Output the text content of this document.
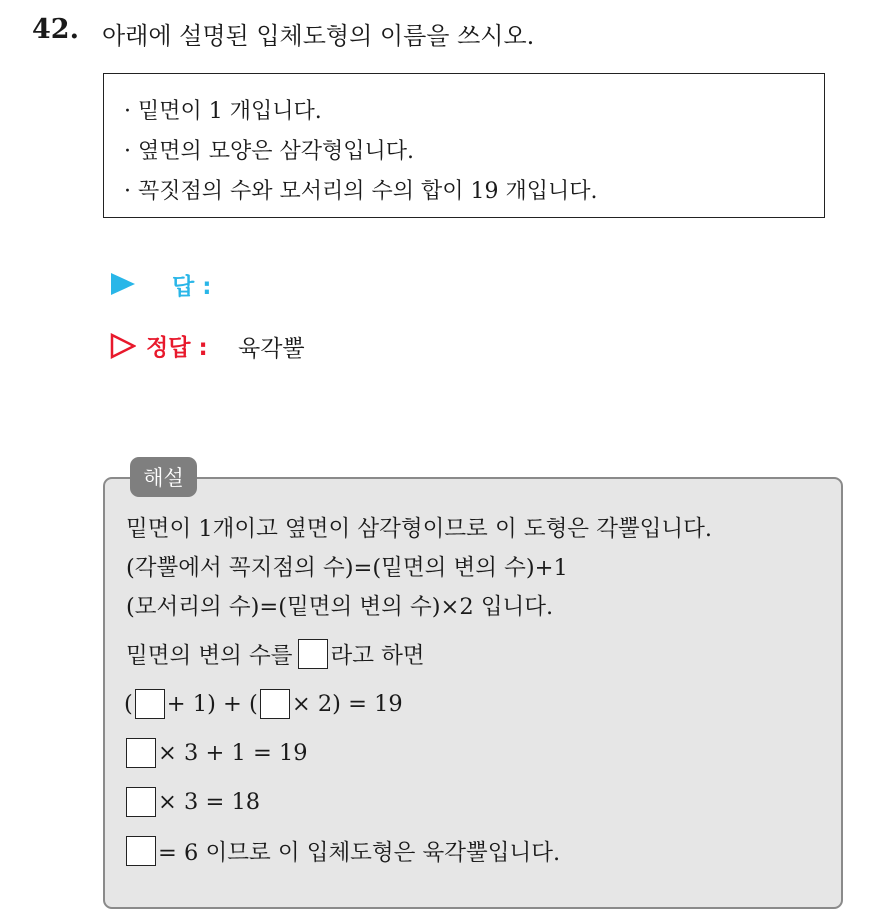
42. 아래에 설명된 입체도형의 이름을 쓰시오.
· 밑면이 1 개입니다.
· 옆면의 모양은 삼각형입니다.
· 꼭짓점의 수와 모서리의 수의 합이 19 개입니다.
답 :
정답 : 육각뿔
해설
밑면이 1개이고 옆면이 삼각형이므로 이 도형은 각뿔입니다.
(각뿔에서 꼭지점의 수)=(밑면의 변의 수)+1
(모서리의 수)=(밑면의 변의 수)×2 입니다.
밑면의 변의 수를 라고 하면
( + 1) + ( × 2) = 19
× 3 + 1 = 19
× 3 = 18
= 6 이므로 이 입체도형은 육각뿔입니다.
